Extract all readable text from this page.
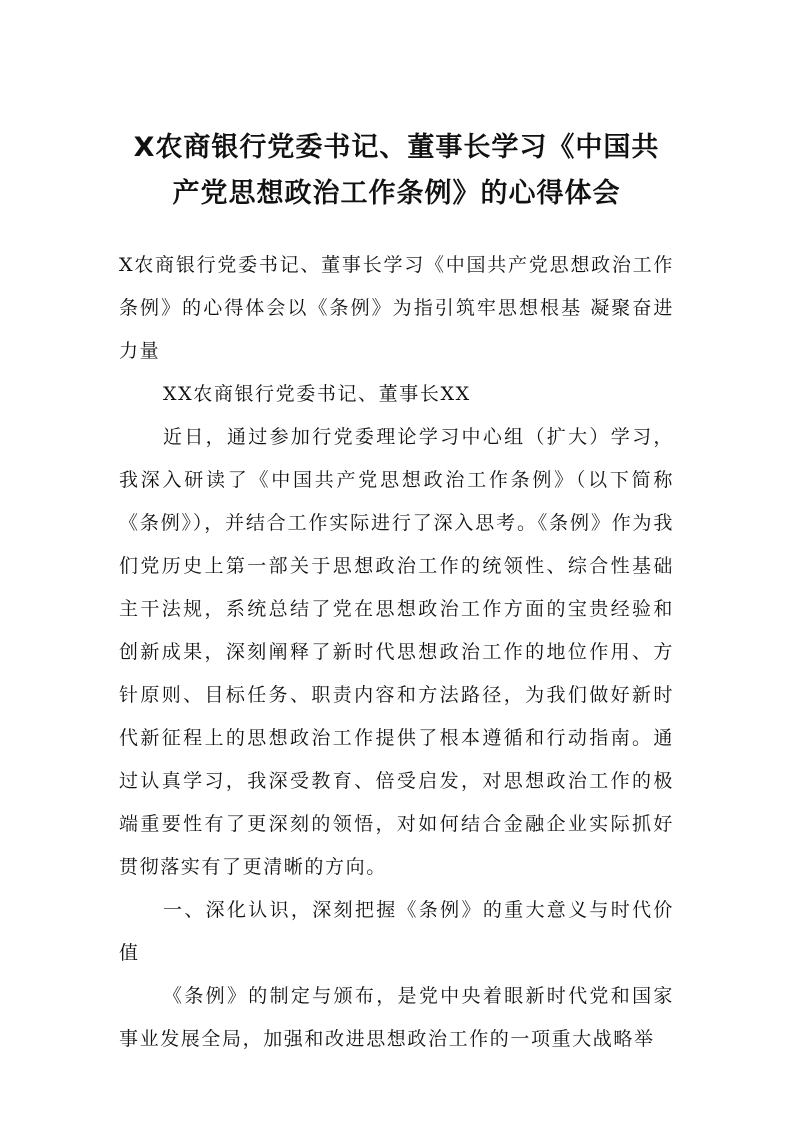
X农商银行党委书记、董事长学习《中国共
产党思想政治工作条例》的心得体会

X农商银行党委书记、董事长学习《中国共产党思想政治工作条例》的心得体会以《条例》为指引筑牢思想根基 凝聚奋进力量

XX农商银行党委书记、董事长XX

近日，通过参加行党委理论学习中心组（扩大）学习，我深入研读了《中国共产党思想政治工作条例》（以下简称《条例》），并结合工作实际进行了深入思考。《条例》作为我们党历史上第一部关于思想政治工作的统领性、综合性基础主干法规，系统总结了党在思想政治工作方面的宝贵经验和创新成果，深刻阐释了新时代思想政治工作的地位作用、方针原则、目标任务、职责内容和方法路径，为我们做好新时代新征程上的思想政治工作提供了根本遵循和行动指南。通过认真学习，我深受教育、倍受启发，对思想政治工作的极端重要性有了更深刻的领悟，对如何结合金融企业实际抓好贯彻落实有了更清晰的方向。

一、深化认识，深刻把握《条例》的重大意义与时代价值

《条例》的制定与颁布，是党中央着眼新时代党和国家事业发展全局，加强和改进思想政治工作的一项重大战略举
